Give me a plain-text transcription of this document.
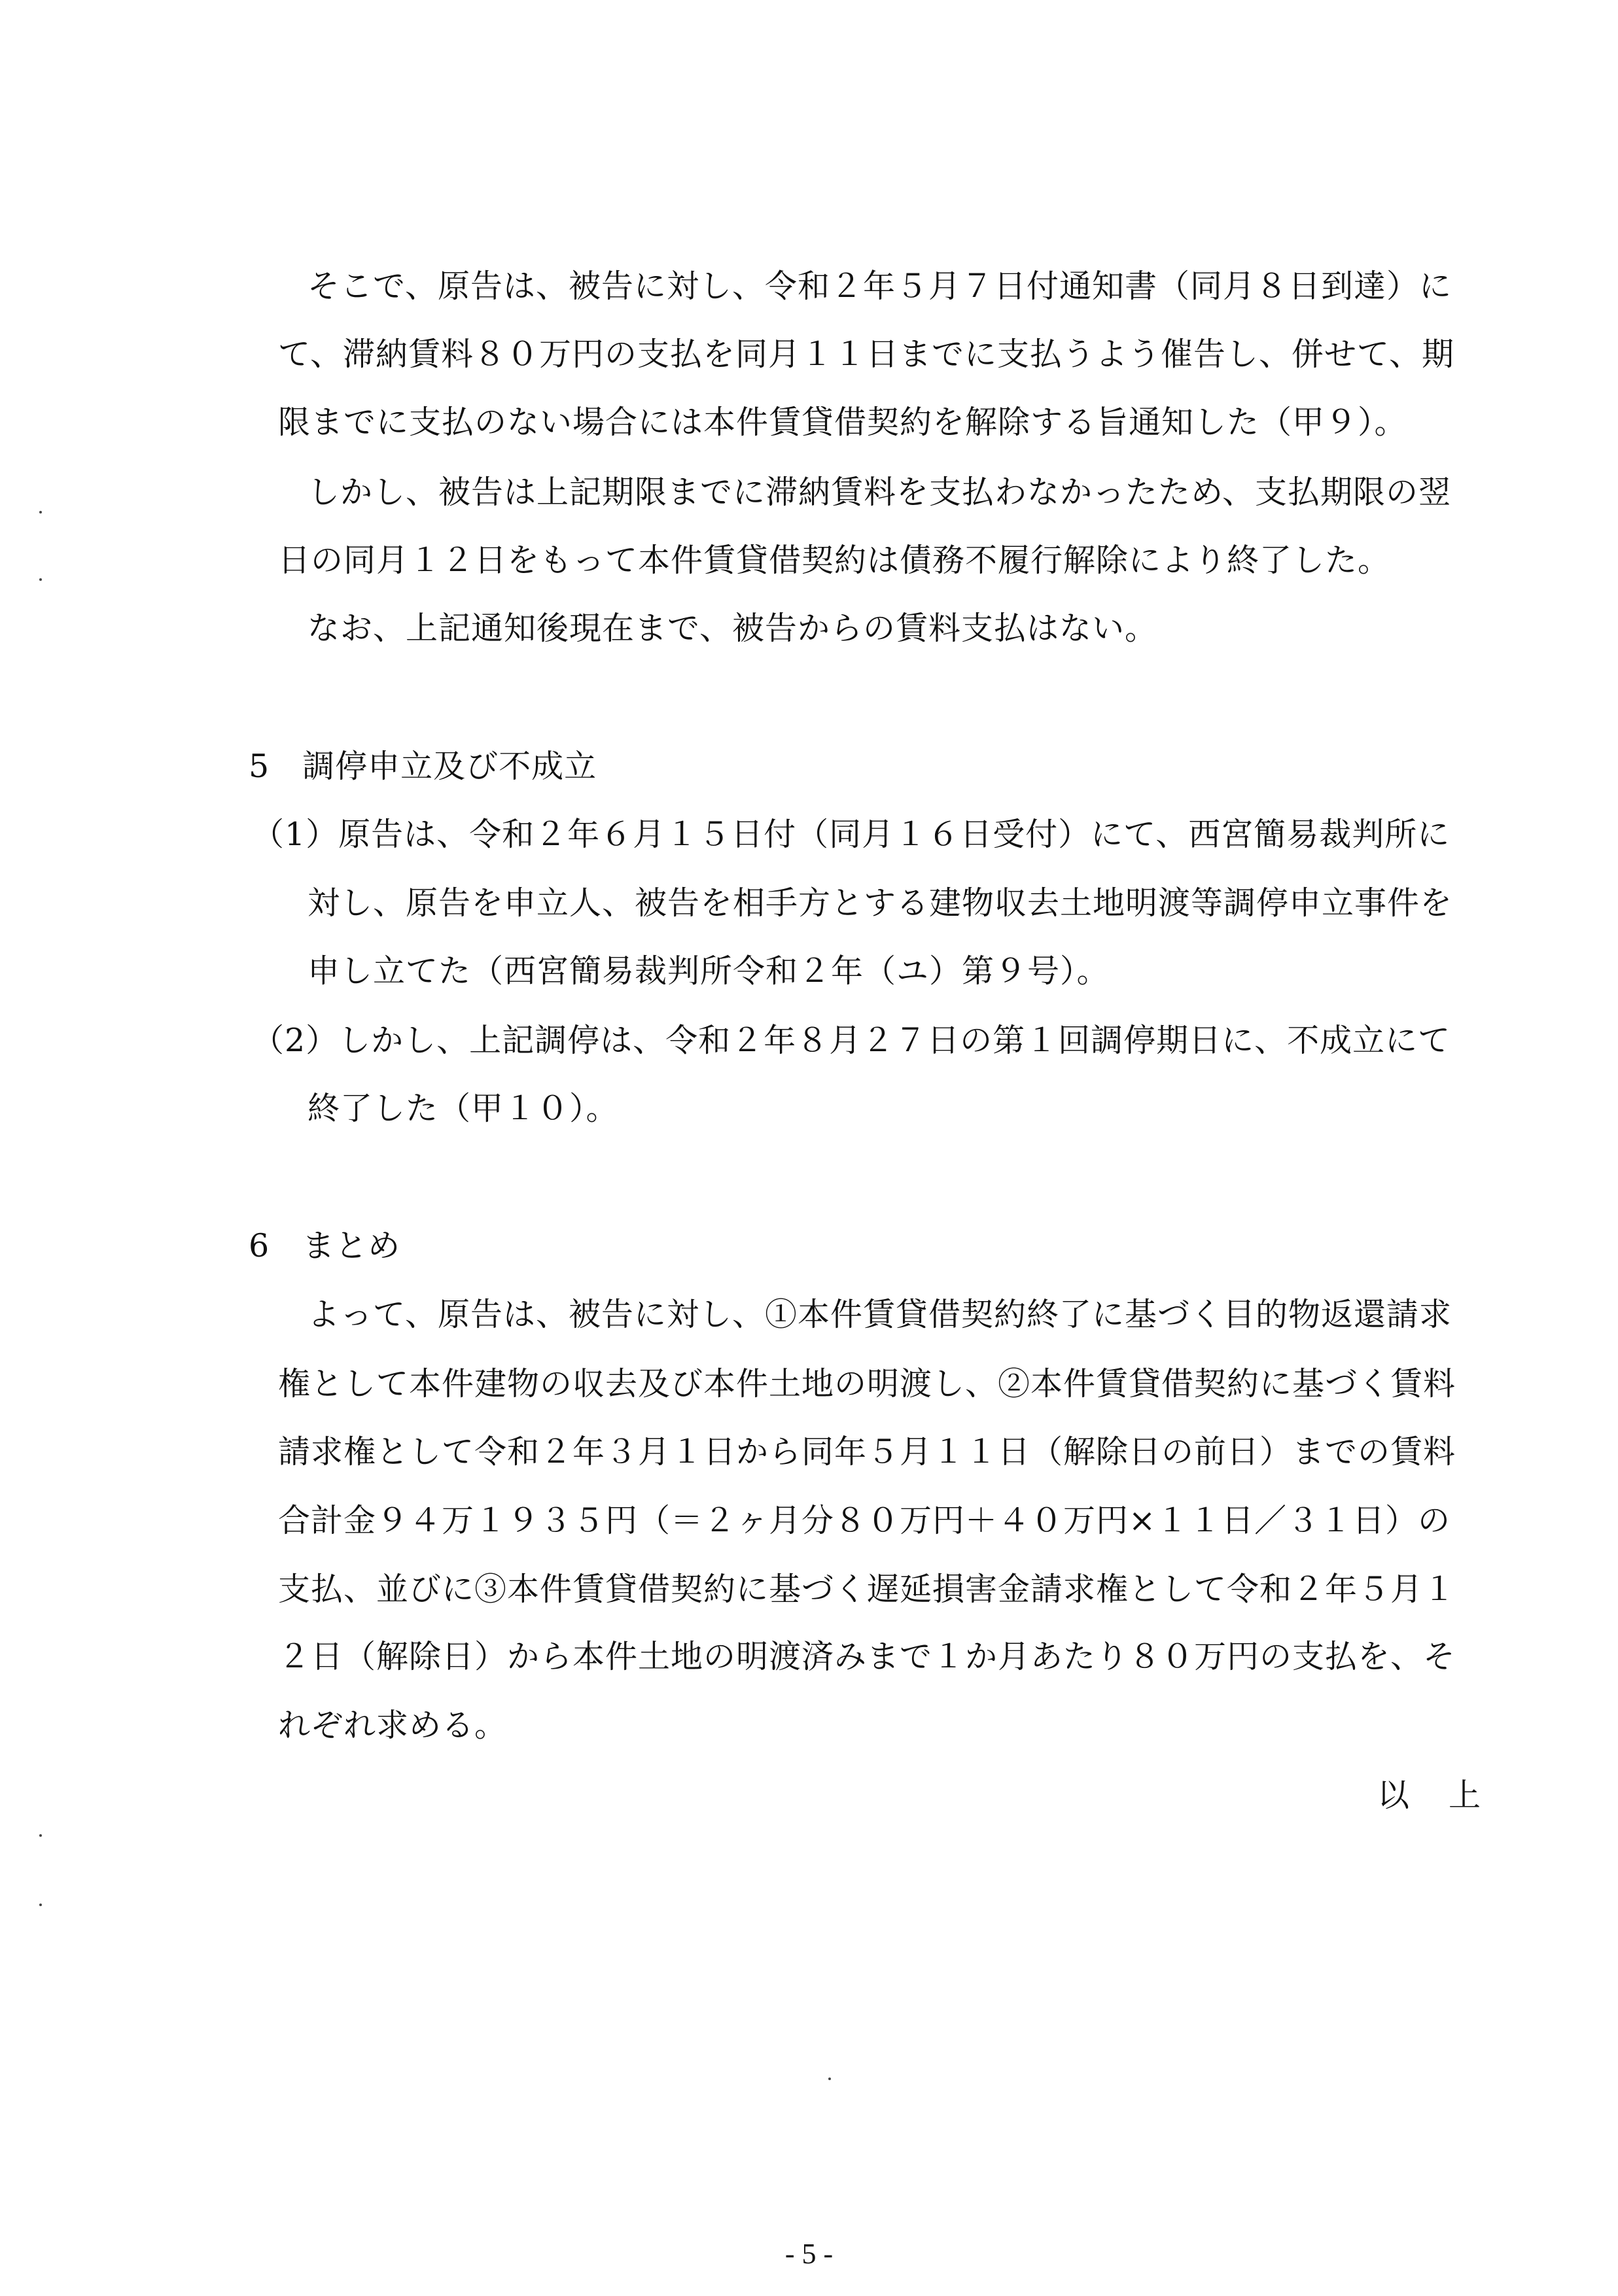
そこで、原告は、被告に対し、令和２年５月７日付通知書（同月８日到達）に
て、滞納賃料８０万円の支払を同月１１日までに支払うよう催告し、併せて、期
限までに支払のない場合には本件賃貸借契約を解除する旨通知した（甲９）。
しかし、被告は上記期限までに滞納賃料を支払わなかったため、支払期限の翌
日の同月１２日をもって本件賃貸借契約は債務不履行解除により終了した。
なお、上記通知後現在まで、被告からの賃料支払はない。
5　調停申立及び不成立
（1）原告は、令和２年６月１５日付（同月１６日受付）にて、西宮簡易裁判所に
対し、原告を申立人、被告を相手方とする建物収去土地明渡等調停申立事件を
申し立てた（西宮簡易裁判所令和２年（ユ）第９号）。
（2）しかし、上記調停は、令和２年８月２７日の第１回調停期日に、不成立にて
終了した（甲１０）。
6　まとめ
よって、原告は、被告に対し、①本件賃貸借契約終了に基づく目的物返還請求
権として本件建物の収去及び本件土地の明渡し、②本件賃貸借契約に基づく賃料
請求権として令和２年３月１日から同年５月１１日（解除日の前日）までの賃料
合計金９４万１９３５円（＝２ヶ月分８０万円＋４０万円×１１日／３１日）の
支払、並びに③本件賃貸借契約に基づく遅延損害金請求権として令和２年５月１
２日（解除日）から本件土地の明渡済みまで１か月あたり８０万円の支払を、そ
れぞれ求める。
以上
- 5 -
